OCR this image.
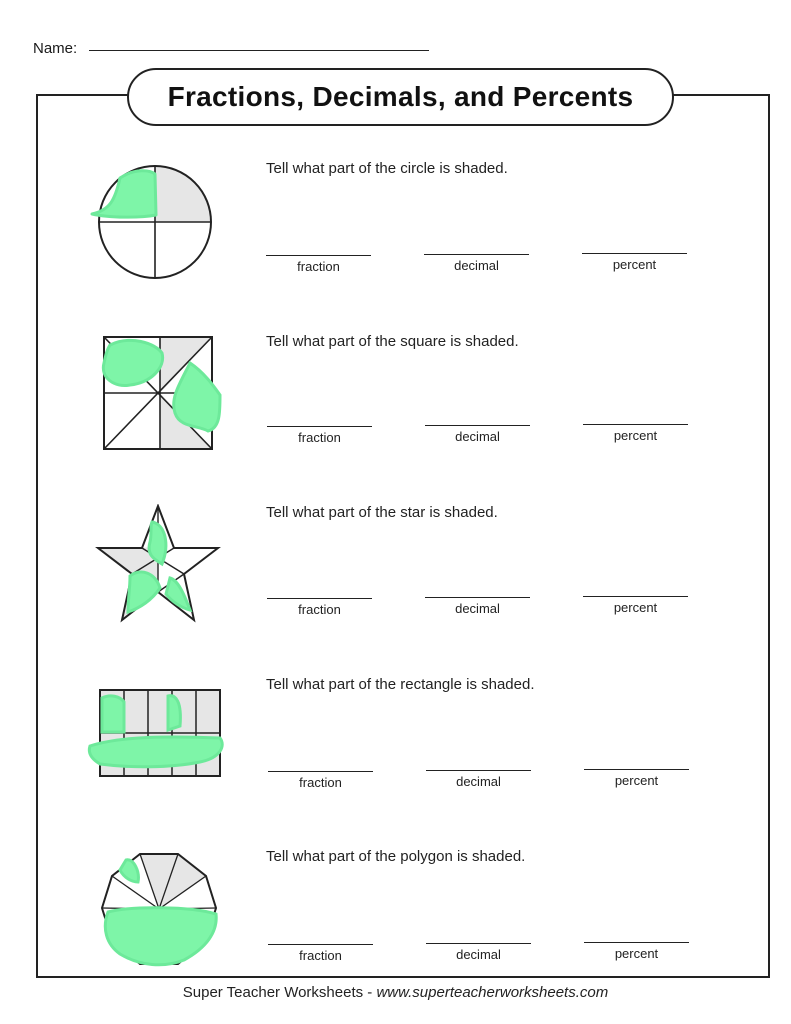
Name:
Fractions, Decimals, and Percents
Tell what part of the circle is shaded.
fraction	decimal	percent
Tell what part of the square is shaded.
fraction	decimal	percent
Tell what part of the star is shaded.
fraction	decimal	percent
Tell what part of the rectangle is shaded.
fraction	decimal	percent
Tell what part of the polygon is shaded.
fraction	decimal	percent
Super Teacher Worksheets - www.superteacherworksheets.com
